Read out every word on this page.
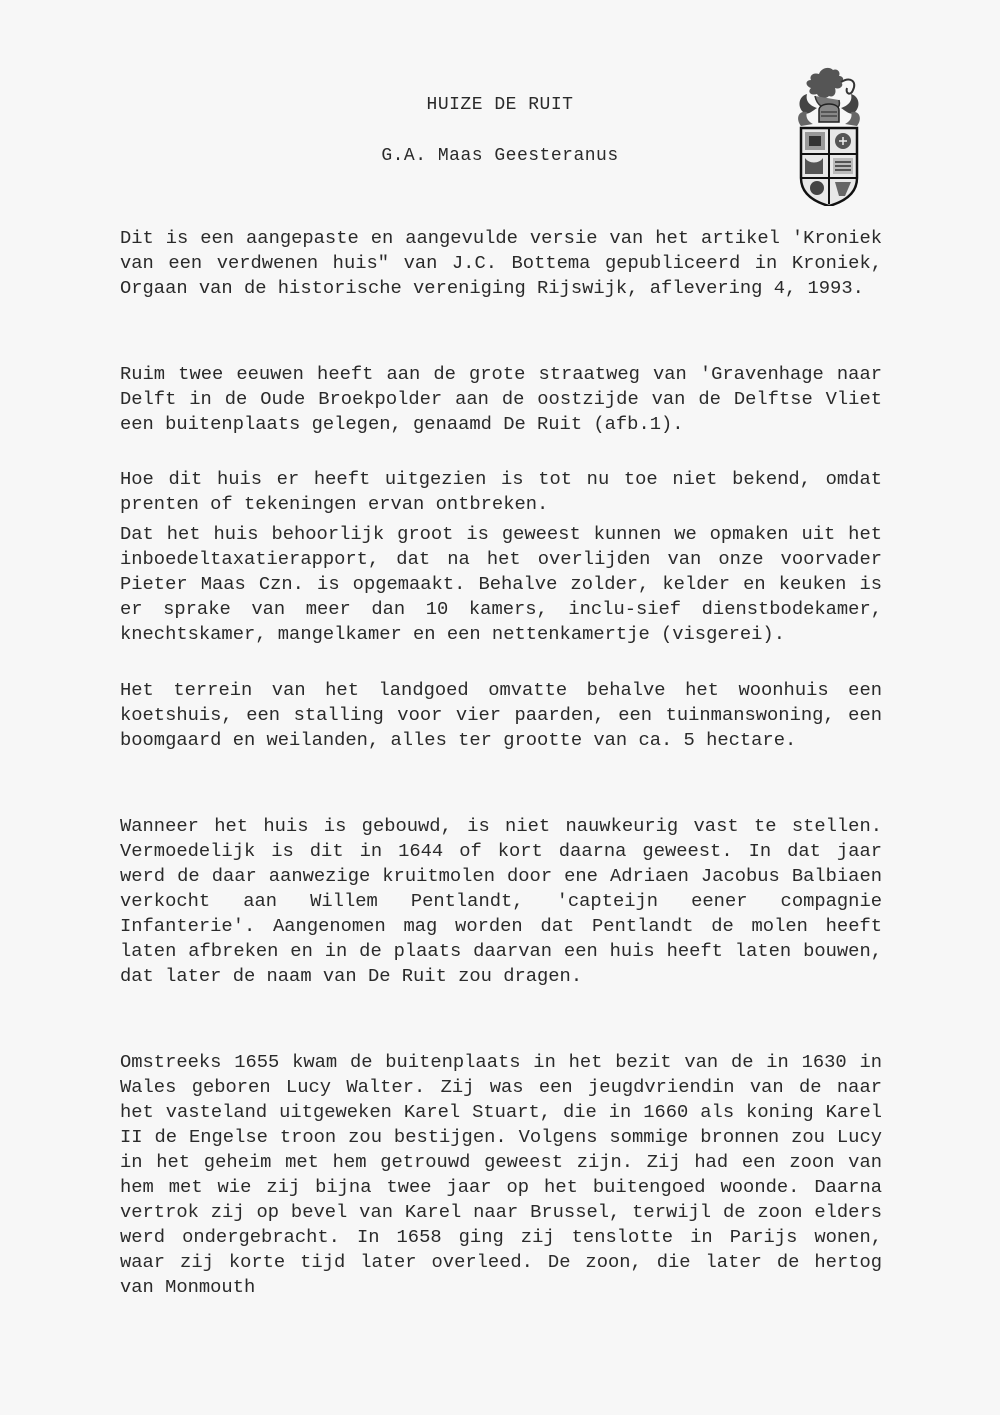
HUIZE DE RUIT
G.A. Maas Geesteranus

Dit is een aangepaste en aangevulde versie van het artikel 'Kroniek van een verdwenen huis" van J.C. Bottema gepubliceerd in Kroniek, Orgaan van de historische vereniging Rijswijk, aflevering 4, 1993.

Ruim twee eeuwen heeft aan de grote straatweg van 'Gravenhage naar Delft in de Oude Broekpolder aan de oostzijde van de Delftse Vliet een buitenplaats gelegen, genaamd De Ruit (afb.1).

Hoe dit huis er heeft uitgezien is tot nu toe niet bekend, omdat prenten of tekeningen ervan ontbreken.

Dat het huis behoorlijk groot is geweest kunnen we opmaken uit het inboedeltaxatierapport, dat na het overlijden van onze voorvader Pieter Maas Czn. is opgemaakt. Behalve zolder, kelder en keuken is er sprake van meer dan 10 kamers, inclu-sief dienstbodekamer, knechtskamer, mangelkamer en een nettenkamertje (visgerei).

Het terrein van het landgoed omvatte behalve het woonhuis een koetshuis, een stalling voor vier paarden, een tuinmanswoning, een boomgaard en weilanden, alles ter grootte van ca. 5 hectare.

Wanneer het huis is gebouwd, is niet nauwkeurig vast te stellen. Vermoedelijk is dit in 1644 of kort daarna geweest. In dat jaar werd de daar aanwezige kruitmolen door ene Adriaen Jacobus Balbiaen verkocht aan Willem Pentlandt, 'capteijn eener compagnie Infanterie'. Aangenomen mag worden dat Pentlandt de molen heeft laten afbreken en in de plaats daarvan een huis heeft laten bouwen, dat later de naam van De Ruit zou dragen.

Omstreeks 1655 kwam de buitenplaats in het bezit van de in 1630 in Wales geboren Lucy Walter. Zij was een jeugdvriendin van de naar het vasteland uitgeweken Karel Stuart, die in 1660 als koning Karel II de Engelse troon zou bestijgen. Volgens sommige bronnen zou Lucy in het geheim met hem getrouwd geweest zijn. Zij had een zoon van hem met wie zij bijna twee jaar op het buitengoed woonde. Daarna vertrok zij op bevel van Karel naar Brussel, terwijl de zoon elders werd ondergebracht. In 1658 ging zij tenslotte in Parijs wonen, waar zij korte tijd later overleed. De zoon, die later de hertog van Monmouth
